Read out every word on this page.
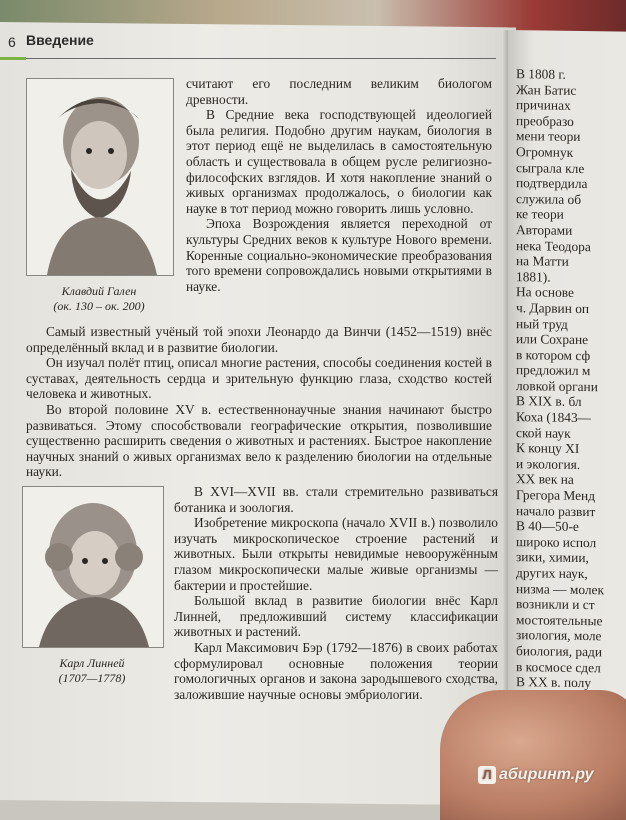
В 1808 г.
Жан Батис
причинах
преобразо
мени теори
Огромнук
сыграла кле
подтвердила
служила об
ке теори
Авторами
нека Теодора
на Матти
1881).
На основе
ч. Дарвин оп
ный труд
или Сохране
в котором сф
предложил м
ловкой органи
В XIX в. бл
Коха (1843—
ской наук
К концу XI
и экология.
XX век на
Грегора Менд
начало развит
В 40—50-е
широко испол
зики, химии,
других наук,
низма — молек
возникли и ст
мостоятельные
зиология, моле
биология, ради
в космосе сдел
В XX в. полу
6 Введение
Клавдий Гален
(ок. 130 – ок. 200)

считают его последним великим биологом древности.

В Средние века господствующей идеологией была религия. Подобно другим наукам, биология в этот период ещё не выделилась в самостоятельную область и существовала в общем русле религиозно-философских взглядов. И хотя накопление знаний о живых организмах продолжалось, о биологии как науке в тот период можно говорить лишь условно.

Эпоха Возрождения является переходной от культуры Средних веков к культуре Нового времени. Коренные социально-экономические преобразования того времени сопровождались новыми открытиями в науке.

Самый известный учёный той эпохи Леонардо да Винчи (1452—1519) внёс определённый вклад и в развитие биологии.

Он изучал полёт птиц, описал многие растения, способы соединения костей в суставах, деятельность сердца и зрительную функцию глаза, сходство костей человека и животных.

Во второй половине XV в. естественнонаучные знания начинают быстро развиваться. Этому способствовали географические открытия, позволившие существенно расширить сведения о животных и растениях. Быстрое накопление научных знаний о живых организмах вело к разделению биологии на отдельные науки.

Карл Линней
(1707—1778)

В XVI—XVII вв. стали стремительно развиваться ботаника и зоология.

Изобретение микроскопа (начало XVII в.) позволило изучать микроскопическое строение растений и животных. Были открыты невидимые невооружённым глазом микроскопически малые живые организмы — бактерии и простейшие.

Большой вклад в развитие биологии внёс Карл Линней, предложивший систему классификации животных и растений.

Карл Максимович Бэр (1792—1876) в своих работах сформулировал основные положения теории гомологичных органов и закона зародышевого сходства, заложившие научные основы эмбриологии.

Л абиринт.ру
